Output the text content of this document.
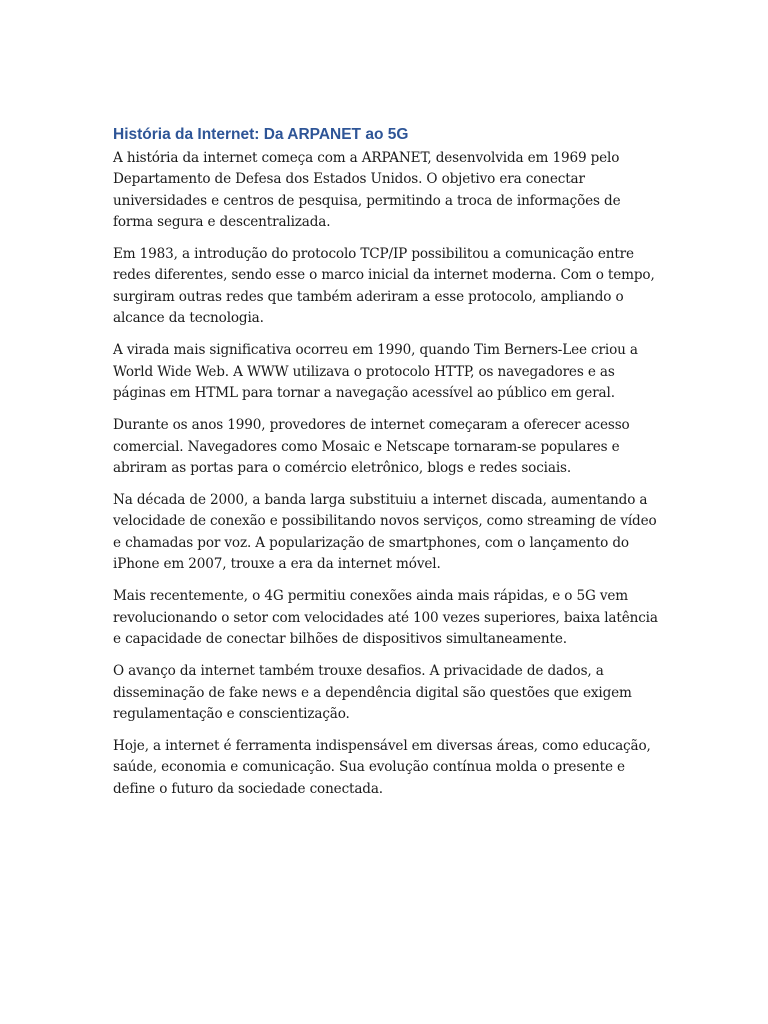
História da Internet: Da ARPANET ao 5G

A história da internet começa com a ARPANET, desenvolvida em 1969 pelo Departamento de Defesa dos Estados Unidos. O objetivo era conectar universidades e centros de pesquisa, permitindo a troca de informações de forma segura e descentralizada.

Em 1983, a introdução do protocolo TCP/IP possibilitou a comunicação entre redes diferentes, sendo esse o marco inicial da internet moderna. Com o tempo, surgiram outras redes que também aderiram a esse protocolo, ampliando o alcance da tecnologia.

A virada mais significativa ocorreu em 1990, quando Tim Berners-Lee criou a World Wide Web. A WWW utilizava o protocolo HTTP, os navegadores e as páginas em HTML para tornar a navegação acessível ao público em geral.

Durante os anos 1990, provedores de internet começaram a oferecer acesso comercial. Navegadores como Mosaic e Netscape tornaram-se populares e abriram as portas para o comércio eletrônico, blogs e redes sociais.

Na década de 2000, a banda larga substituiu a internet discada, aumentando a velocidade de conexão e possibilitando novos serviços, como streaming de vídeo e chamadas por voz. A popularização de smartphones, com o lançamento do iPhone em 2007, trouxe a era da internet móvel.

Mais recentemente, o 4G permitiu conexões ainda mais rápidas, e o 5G vem revolucionando o setor com velocidades até 100 vezes superiores, baixa latência e capacidade de conectar bilhões de dispositivos simultaneamente.

O avanço da internet também trouxe desafios. A privacidade de dados, a disseminação de fake news e a dependência digital são questões que exigem regulamentação e conscientização.

Hoje, a internet é ferramenta indispensável em diversas áreas, como educação, saúde, economia e comunicação. Sua evolução contínua molda o presente e define o futuro da sociedade conectada.
